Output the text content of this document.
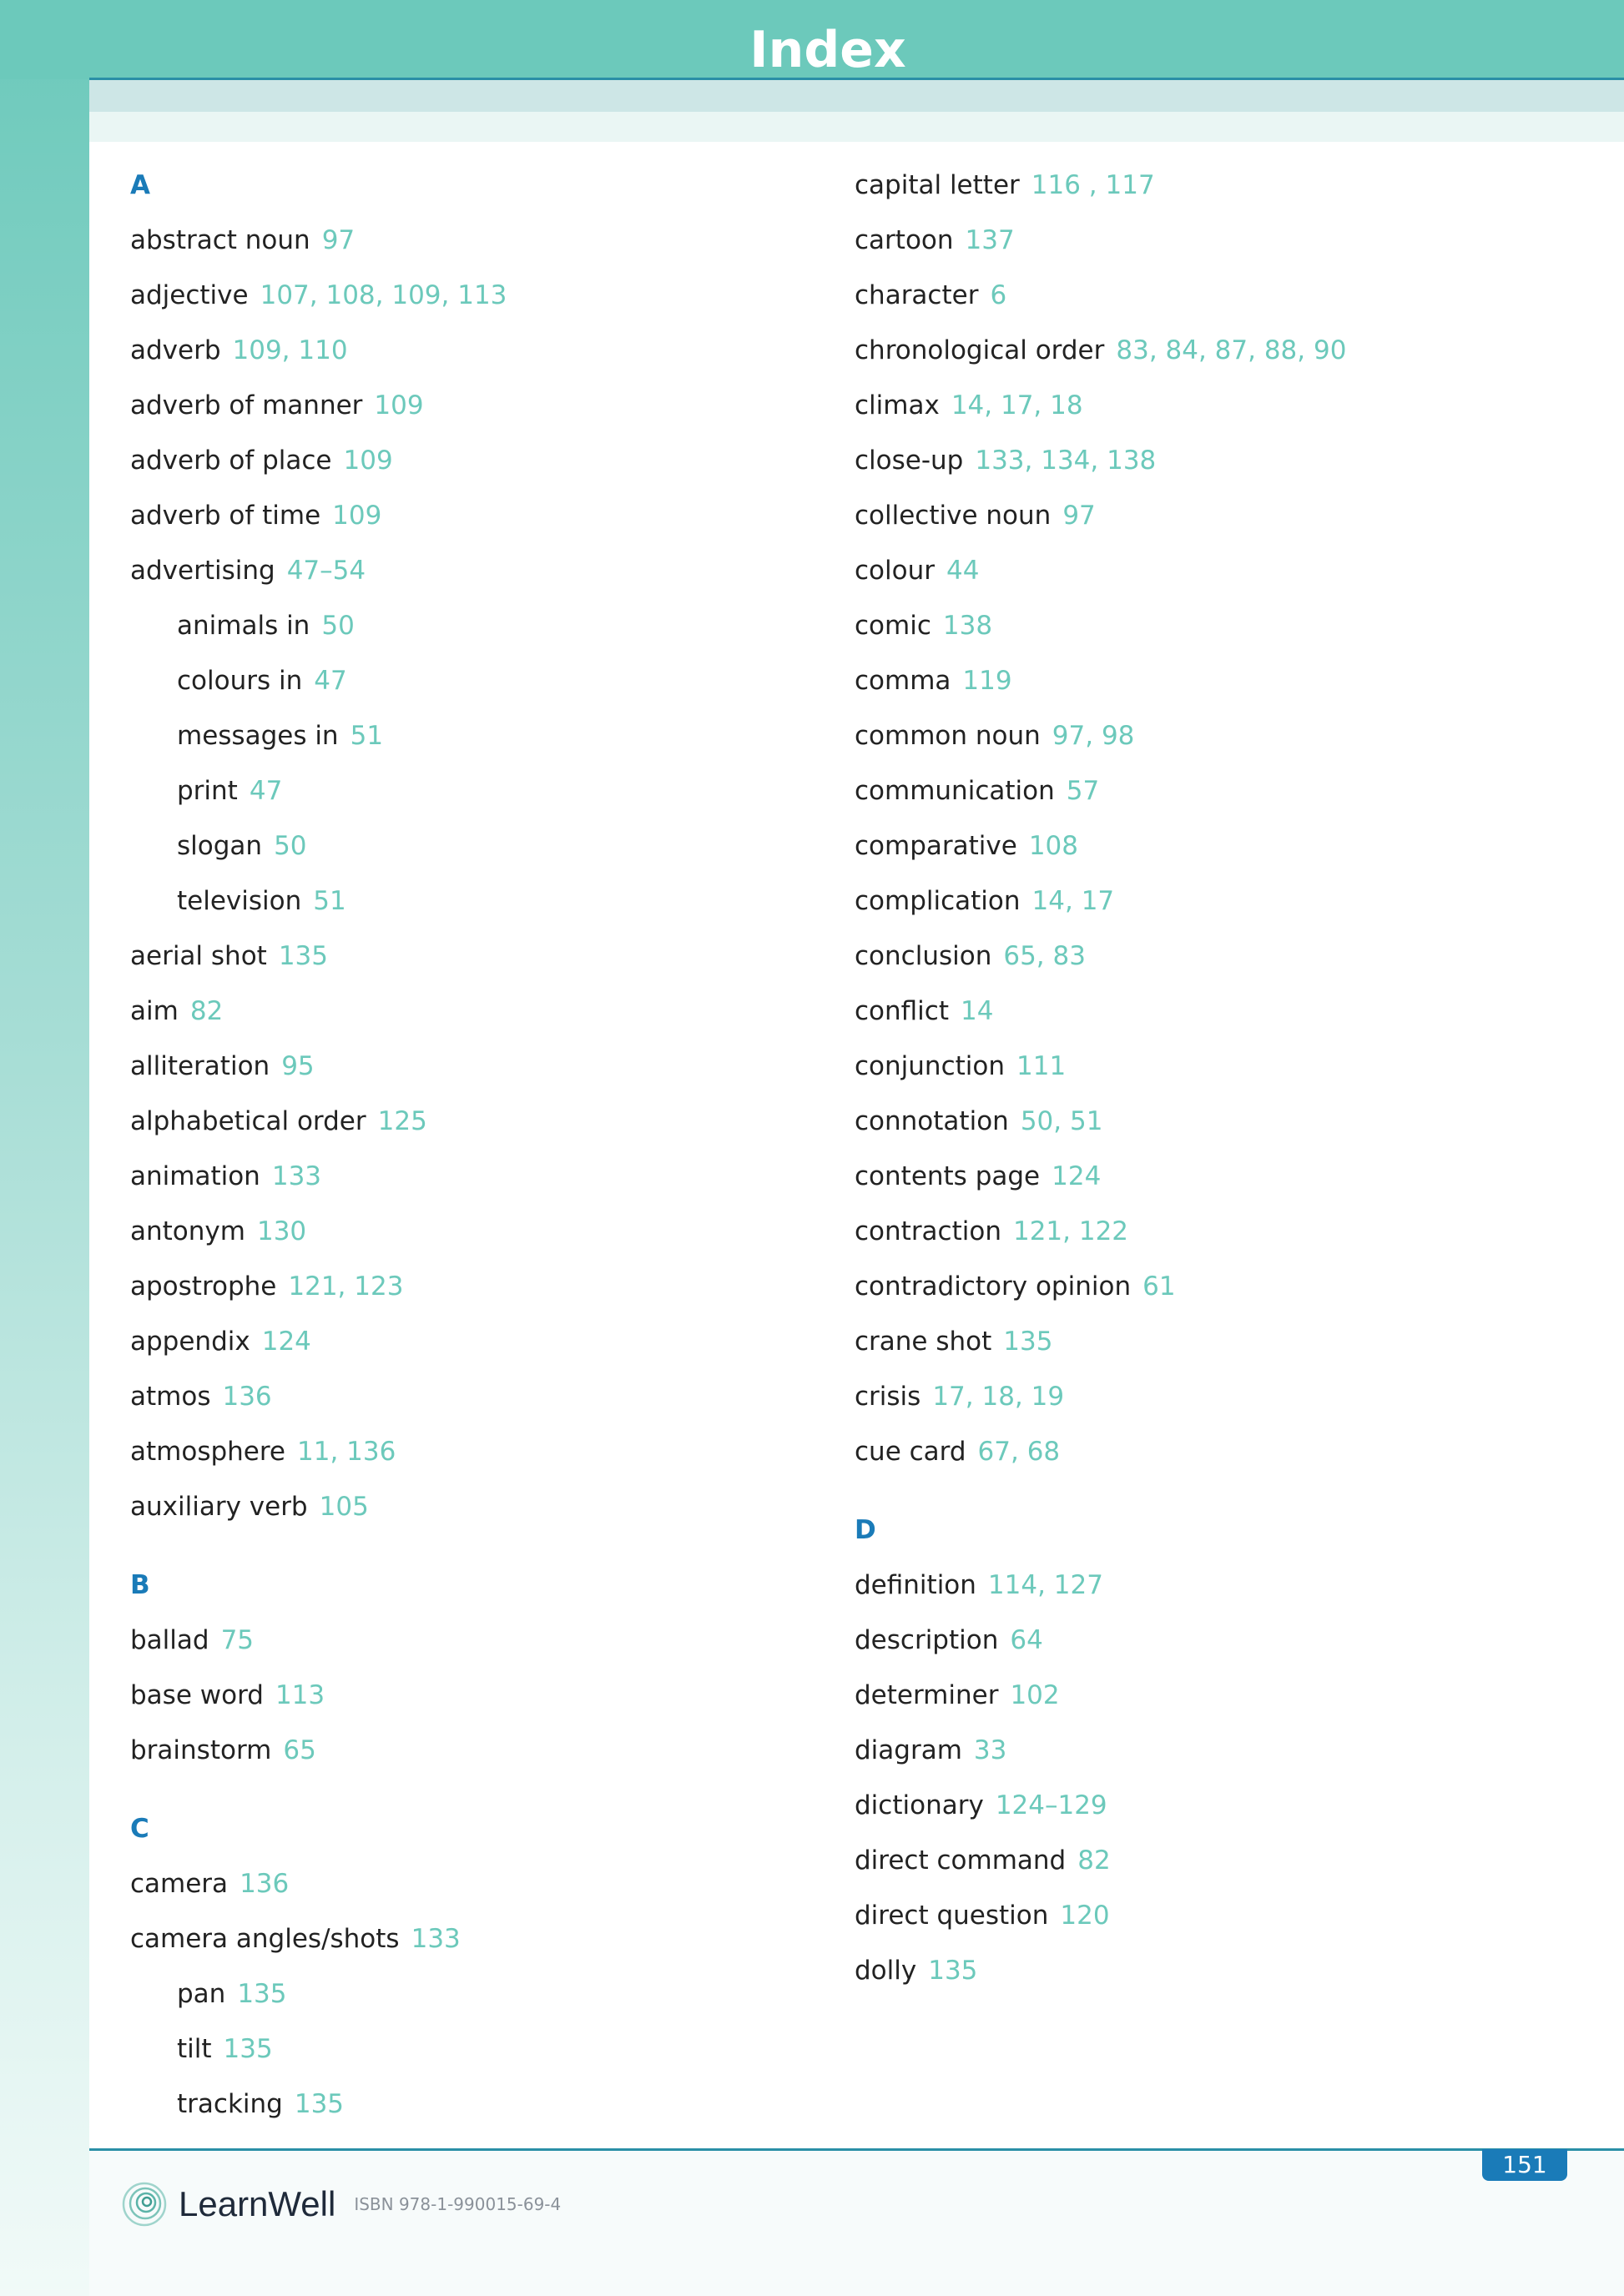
Index
A
abstract noun 97
adjective 107, 108, 109, 113
adverb 109, 110
adverb of manner 109
adverb of place 109
adverb of time 109
advertising 47–54
animals in 50
colours in 47
messages in 51
print 47
slogan 50
television 51
aerial shot 135
aim 82
alliteration 95
alphabetical order 125
animation 133
antonym 130
apostrophe 121, 123
appendix 124
atmos 136
atmosphere 11, 136
auxiliary verb 105
B
ballad 75
base word 113
brainstorm 65
C
camera 136
camera angles/shots 133
pan 135
tilt 135
tracking 135
capital letter 116 , 117
cartoon 137
character 6
chronological order 83, 84, 87, 88, 90
climax 14, 17, 18
close-up 133, 134, 138
collective noun 97
colour 44
comic 138
comma 119
common noun 97, 98
communication 57
comparative 108
complication 14, 17
conclusion 65, 83
conflict 14
conjunction 111
connotation 50, 51
contents page 124
contraction 121, 122
contradictory opinion 61
crane shot 135
crisis 17, 18, 19
cue card 67, 68
D
definition 114, 127
description 64
determiner 102
diagram 33
dictionary 124–129
direct command 82
direct question 120
dolly 135
151
LearnWell ISBN 978-1-990015-69-4
